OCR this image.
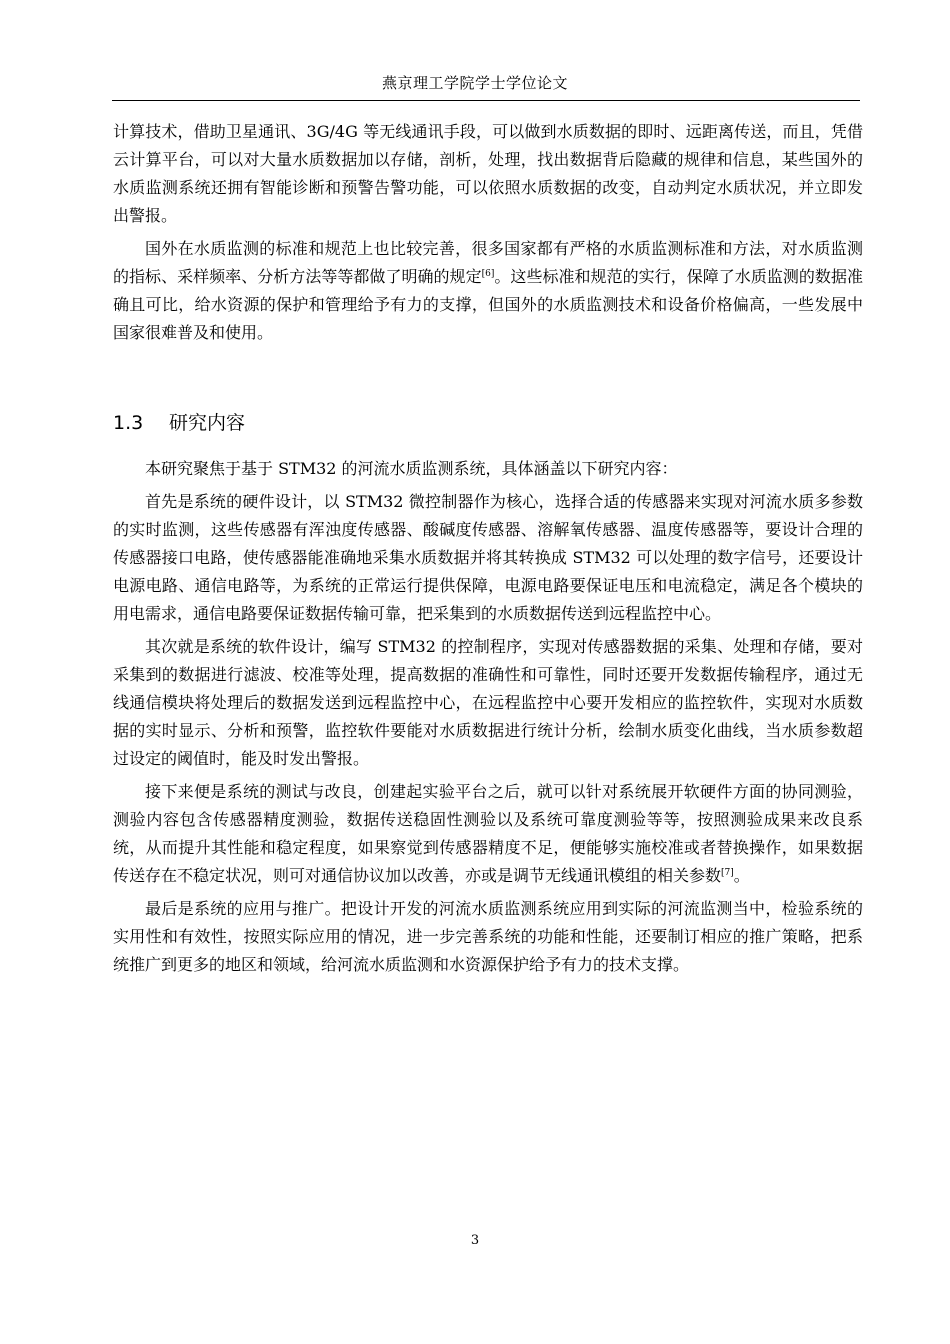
燕京理工学院学士学位论文

计算技术，借助卫星通讯、3G/4G 等无线通讯手段，可以做到水质数据的即时、远距离传送，而且，凭借云计算平台，可以对大量水质数据加以存储，剖析，处理，找出数据背后隐藏的规律和信息，某些国外的水质监测系统还拥有智能诊断和预警告警功能，可以依照水质数据的改变，自动判定水质状况，并立即发出警报。

国外在水质监测的标准和规范上也比较完善，很多国家都有严格的水质监测标准和方法，对水质监测的指标、采样频率、分析方法等等都做了明确的规定[6]。这些标准和规范的实行，保障了水质监测的数据准确且可比，给水资源的保护和管理给予有力的支撑，但国外的水质监测技术和设备价格偏高，一些发展中国家很难普及和使用。

1.3 研究内容

本研究聚焦于基于 STM32 的河流水质监测系统，具体涵盖以下研究内容：

首先是系统的硬件设计，以 STM32 微控制器作为核心，选择合适的传感器来实现对河流水质多参数的实时监测，这些传感器有浑浊度传感器、酸碱度传感器、溶解氧传感器、温度传感器等，要设计合理的传感器接口电路，使传感器能准确地采集水质数据并将其转换成 STM32 可以处理的数字信号，还要设计电源电路、通信电路等，为系统的正常运行提供保障，电源电路要保证电压和电流稳定，满足各个模块的用电需求，通信电路要保证数据传输可靠，把采集到的水质数据传送到远程监控中心。

其次就是系统的软件设计，编写 STM32 的控制程序，实现对传感器数据的采集、处理和存储，要对采集到的数据进行滤波、校准等处理，提高数据的准确性和可靠性，同时还要开发数据传输程序，通过无线通信模块将处理后的数据发送到远程监控中心，在远程监控中心要开发相应的监控软件，实现对水质数据的实时显示、分析和预警，监控软件要能对水质数据进行统计分析，绘制水质变化曲线，当水质参数超过设定的阈值时，能及时发出警报。

接下来便是系统的测试与改良，创建起实验平台之后，就可以针对系统展开软硬件方面的协同测验，测验内容包含传感器精度测验，数据传送稳固性测验以及系统可靠度测验等等，按照测验成果来改良系统，从而提升其性能和稳定程度，如果察觉到传感器精度不足，便能够实施校准或者替换操作，如果数据传送存在不稳定状况，则可对通信协议加以改善，亦或是调节无线通讯模组的相关参数[7]。

最后是系统的应用与推广。把设计开发的河流水质监测系统应用到实际的河流监测当中，检验系统的实用性和有效性，按照实际应用的情况，进一步完善系统的功能和性能，还要制订相应的推广策略，把系统推广到更多的地区和领域，给河流水质监测和水资源保护给予有力的技术支撑。

3
